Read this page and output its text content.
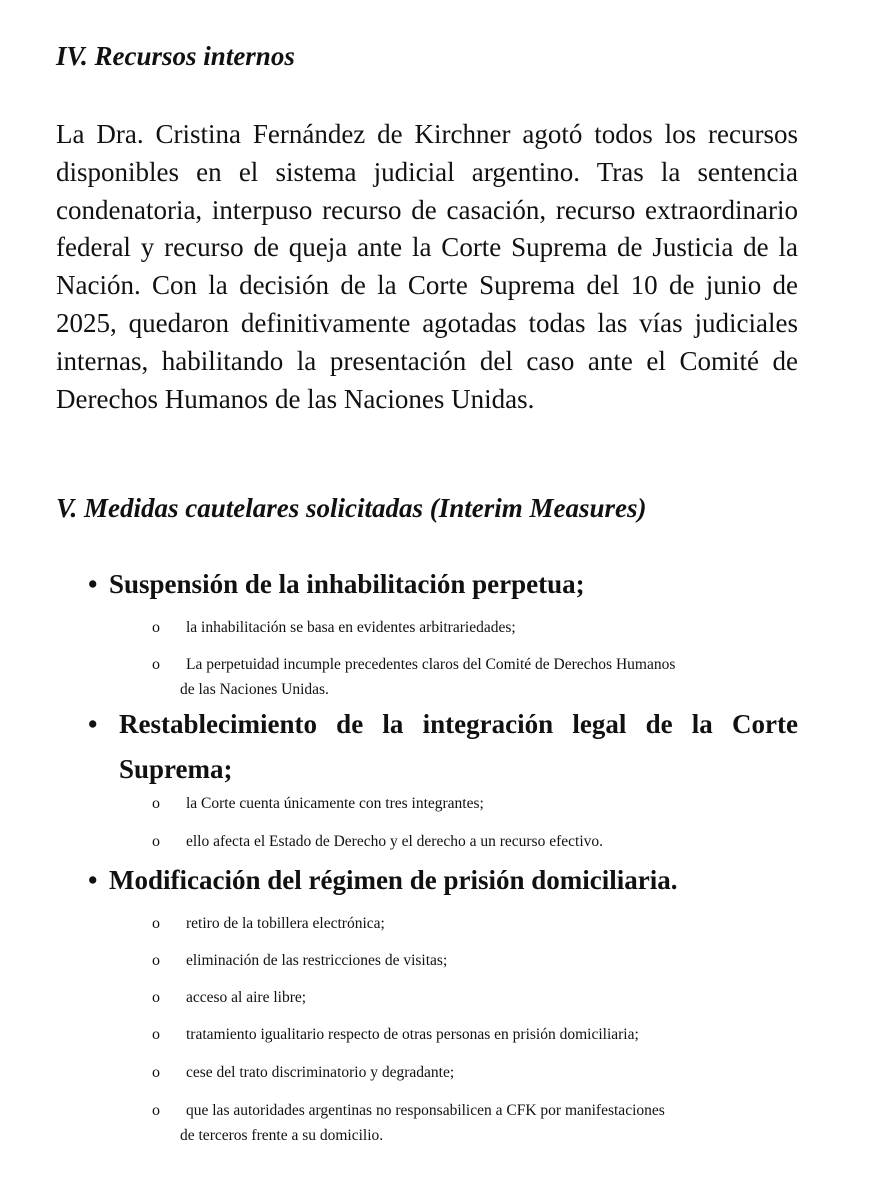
IV. Recursos internos

La Dra. Cristina Fernández de Kirchner agotó todos los recursos disponibles en el sistema judicial argentino. Tras la sentencia condenatoria, interpuso recurso de casación, recurso extraordinario federal y recurso de queja ante la Corte Suprema de Justicia de la Nación. Con la decisión de la Corte Suprema del 10 de junio de 2025, quedaron definitivamente agotadas todas las vías judiciales internas, habilitando la presentación del caso ante el Comité de Derechos Humanos de las Naciones Unidas.

V. Medidas cautelares solicitadas (Interim Measures)
• Suspensión de la inhabilitación perpetua;
o	la inhabilitación se basa en evidentes arbitrariedades;
o	La perpetuidad incumple precedentes claros del Comité de Derechos Humanos
de las Naciones Unidas.
• Restablecimiento de la integración legal de la Corte Suprema;
o	la Corte cuenta únicamente con tres integrantes;
o	ello afecta el Estado de Derecho y el derecho a un recurso efectivo.
• Modificación del régimen de prisión domiciliaria.
o	retiro de la tobillera electrónica;
o	eliminación de las restricciones de visitas;
o	acceso al aire libre;
o	tratamiento igualitario respecto de otras personas en prisión domiciliaria;
o	cese del trato discriminatorio y degradante;
o	que las autoridades argentinas no responsabilicen a CFK por manifestaciones
de terceros frente a su domicilio.
